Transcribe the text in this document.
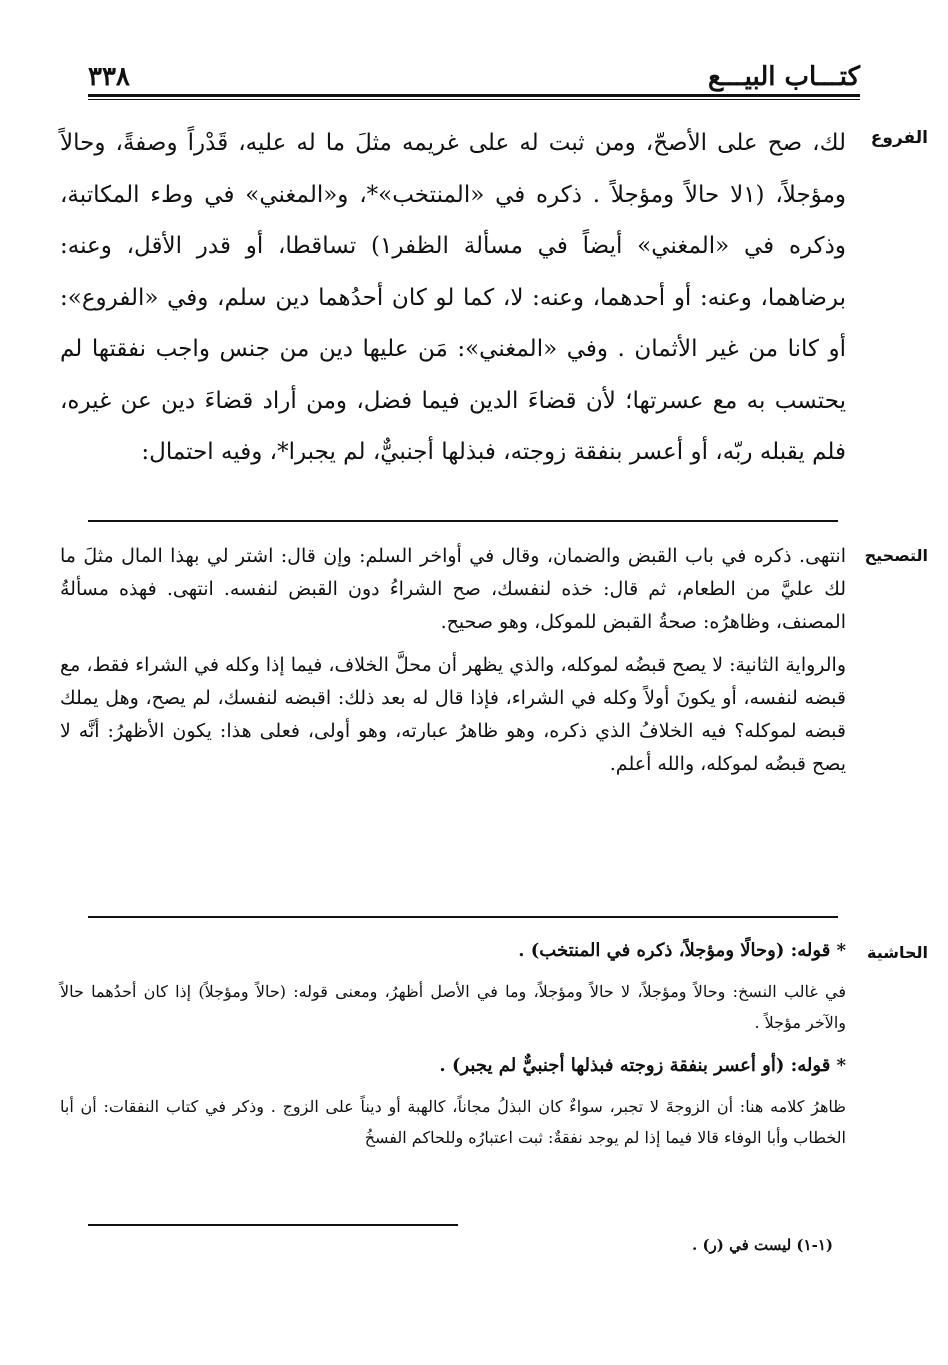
كتـــاب البيـــع
٣٣٨
الفروع
لك، صح على الأصحّ، ومن ثبت له على غريمه مثلَ ما له عليه، قَدْراً وصفةً، وحالاً ومؤجلاً، (١لا حالاً ومؤجلاً . ذكره في «المنتخب»*، و«المغني» في وطء المكاتبة، وذكره في «المغني» أيضاً في مسألة الظفر١) تساقطا، أو قدر الأقل، وعنه: برضاهما، وعنه: أو أحدهما، وعنه: لا، كما لو كان أحدُهما دين سلم، وفي «الفروع»: أو كانا من غير الأثمان . وفي «المغني»: مَن عليها دين من جنس واجب نفقتها لم يحتسب به مع عسرتها؛ لأن قضاءَ الدين فيما فضل، ومن أراد قضاءَ دين عن غيره، فلم يقبله ربّه، أو أعسر بنفقة زوجته، فبذلها أجنبيٌّ، لم يجبرا*، وفيه احتمال:
التصحيح

انتهى. ذكره في باب القبض والضمان، وقال في أواخر السلم: وإن قال: اشتر لي بهذا المال مثلَ ما لك عليَّ من الطعام، ثم قال: خذه لنفسك، صح الشراءُ دون القبض لنفسه. انتهى. فهذه مسألةُ المصنف، وظاهرُه: صحةُ القبض للموكل، وهو صحيح.

والرواية الثانية: لا يصح قبضُه لموكله، والذي يظهر أن محلَّ الخلاف، فيما إذا وكله في الشراء فقط، مع قبضه لنفسه، أو يكونَ أولاً وكله في الشراء، فإذا قال له بعد ذلك: اقبضه لنفسك، لم يصح، وهل يملك قبضه لموكله؟ فيه الخلافُ الذي ذكره، وهو ظاهرُ عبارته، وهو أولى، فعلى هذا: يكون الأظهرُ: أنَّه لا يصح قبضُه لموكله، والله أعلم.

الحاشية

* قوله: (وحالًا ومؤجلاً، ذكره في المنتخب) .

في غالب النسخ: وحالاً ومؤجلاً، لا حالاً ومؤجلاً، وما في الأصل أظهرُ، ومعنى قوله: (حالاً ومؤجلاً) إذا كان أحدُهما حالاً والآخر مؤجلاً .

* قوله: (أو أعسر بنفقة زوجته فبذلها أجنبيٌّ لم يجبر) .

ظاهرُ كلامه هنا: أن الزوجةَ لا تجبر، سواءٌ كان البذلُ مجاناً، كالهبة أو ديناً على الزوج . وذكر في كتاب النفقات: أن أبا الخطاب وأبا الوفاء قالا فيما إذا لم يوجد نفقةٌ: ثبت اعتبارُه وللحاكم الفسخُ

(١-١) ليست في (ر) .
